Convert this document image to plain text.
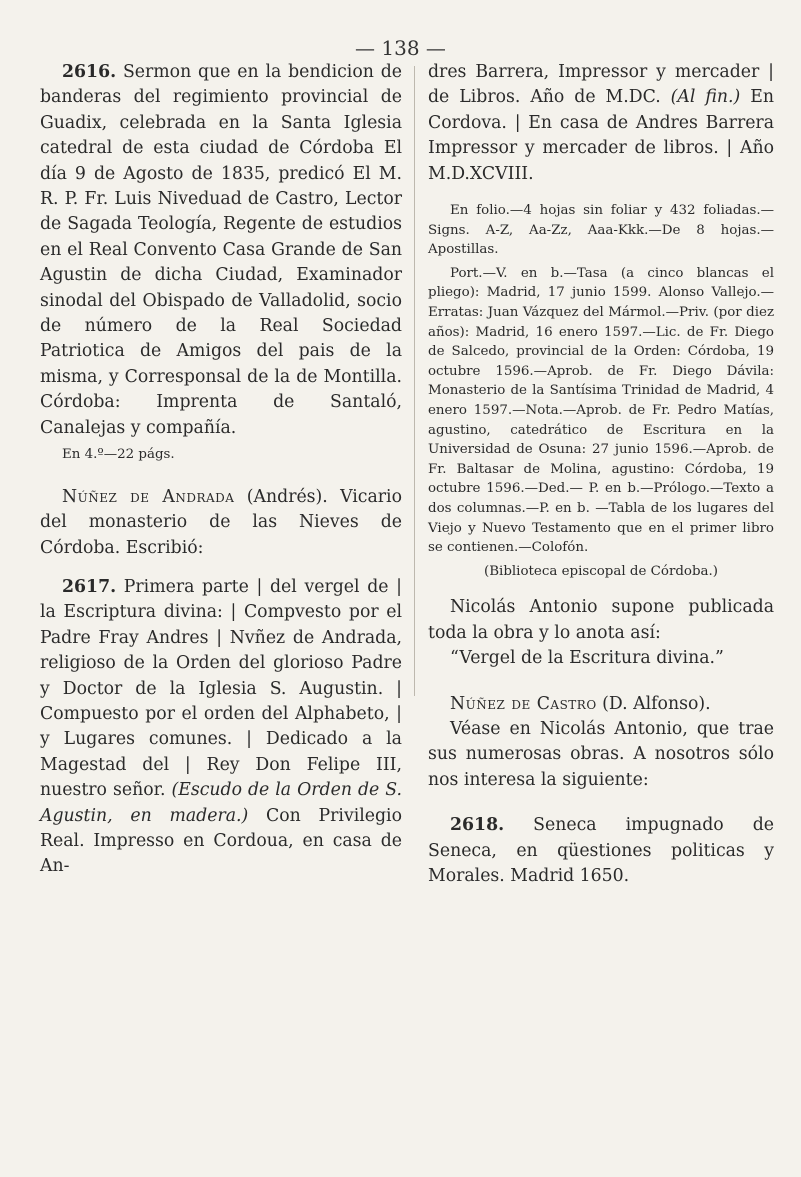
— 138 —

2616. Sermon que en la bendicion de banderas del regimiento provincial de Guadix, celebrada en la Santa Iglesia catedral de esta ciudad de Córdoba El día 9 de Agosto de 1835, predicó El M. R. P. Fr. Luis Niveduad de Castro, Lector de Sagada Teología, Regente de estudios en el Real Convento Casa Grande de San Agustin de dicha Ciudad, Examinador sinodal del Obispado de Valladolid, socio de número de la Real Sociedad Patriotica de Amigos del pais de la misma, y Corresponsal de la de Montilla. Córdoba: Imprenta de Santaló, Canalejas y compañía.

En 4.º—22 págs.

Núñez de Andrada (Andrés). Vicario del monasterio de las Nieves de Córdoba. Escribió:

2617. Primera parte | del vergel de | la Escriptura divina: | Compvesto por el Padre Fray Andres | Nvñez de Andrada, religioso de la Orden del glorioso Padre y Doctor de la Iglesia S. Augustin. | Compuesto por el orden del Alphabeto, | y Lugares comunes. | Dedicado a la Magestad del | Rey Don Felipe III, nuestro señor. (Escudo de la Orden de S. Agustin, en madera.) Con Privilegio Real. Impresso en Cordoua, en casa de An-

dres Barrera, Impressor y mercader | de Libros. Año de M.DC. (Al fin.) En Cordova. | En casa de Andres Barrera Impressor y mercader de libros. | Año M.D.XCVIII.

En folio.—4 hojas sin foliar y 432 foliadas.— Signs. A-Z, Aa-Zz, Aaa-Kkk.—De 8 hojas.—Apostillas.

Port.—V. en b.—Tasa (a cinco blancas el pliego): Madrid, 17 junio 1599. Alonso Vallejo.—Erratas: Juan Vázquez del Mármol.—Priv. (por diez años): Madrid, 16 enero 1597.—Lic. de Fr. Diego de Salcedo, provincial de la Orden: Córdoba, 19 octubre 1596.—Aprob. de Fr. Diego Dávila: Monasterio de la Santísima Trinidad de Madrid, 4 enero 1597.—Nota.—Aprob. de Fr. Pedro Matías, agustino, catedrático de Escritura en la Universidad de Osuna: 27 junio 1596.—Aprob. de Fr. Baltasar de Molina, agustino: Córdoba, 19 octubre 1596.—Ded.— P. en b.—Prólogo.—Texto a dos columnas.—P. en b. —Tabla de los lugares del Viejo y Nuevo Testamento que en el primer libro se contienen.—Colofón.

(Biblioteca episcopal de Córdoba.)

Nicolás Antonio supone publicada toda la obra y lo anota así:

“Vergel de la Escritura divina.”

Núñez de Castro (D. Alfonso).

Véase en Nicolás Antonio, que trae sus numerosas obras. A nosotros sólo nos interesa la siguiente:

2618. Seneca impugnado de Seneca, en qüestiones politicas y Morales. Madrid 1650.
